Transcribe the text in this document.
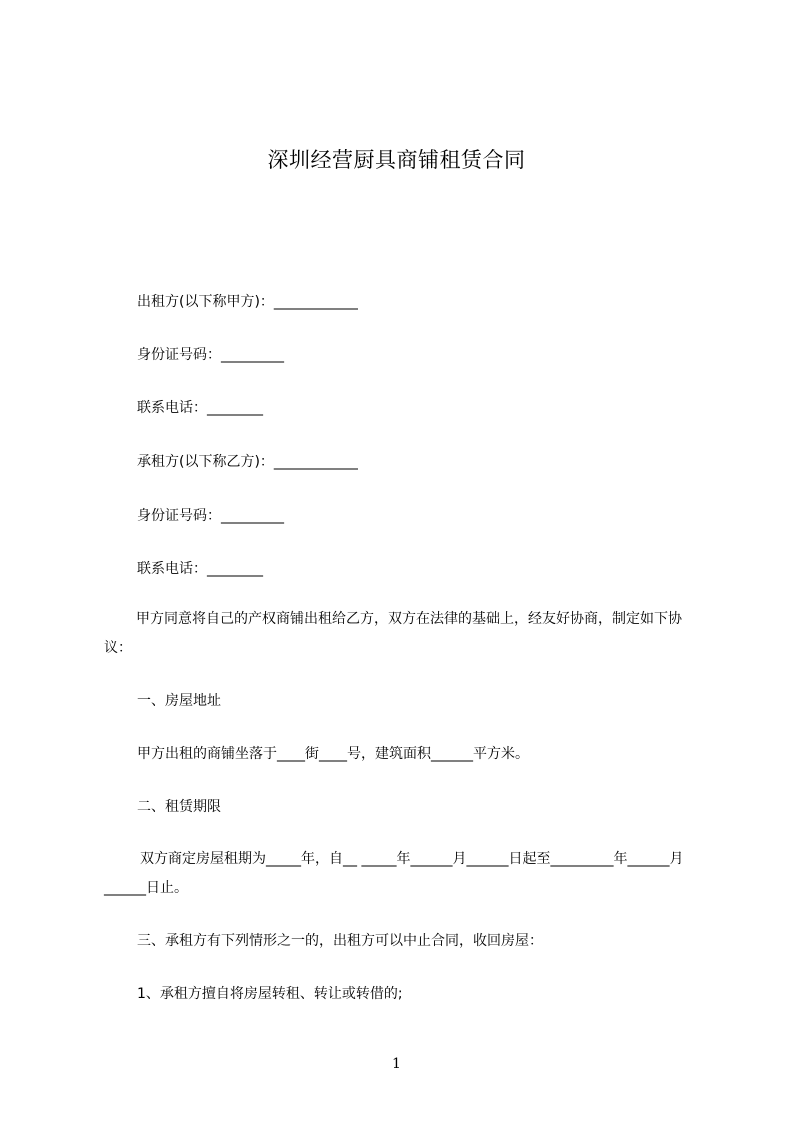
深圳经营厨具商铺租赁合同

出租方(以下称甲方)：____________

身份证号码：_________

联系电话：________

承租方(以下称乙方)：____________

身份证号码：_________

联系电话：________

甲方同意将自己的产权商铺出租给乙方，双方在法律的基础上，经友好协商，制定如下协议：

一、房屋地址

甲方出租的商铺坐落于____街____号，建筑面积______平方米。

二、租赁期限

双方商定房屋租期为_____年，自__ _____年______月______日起至_________年______月______日止。

三、承租方有下列情形之一的，出租方可以中止合同，收回房屋：

1、承租方擅自将房屋转租、转让或转借的;

1
